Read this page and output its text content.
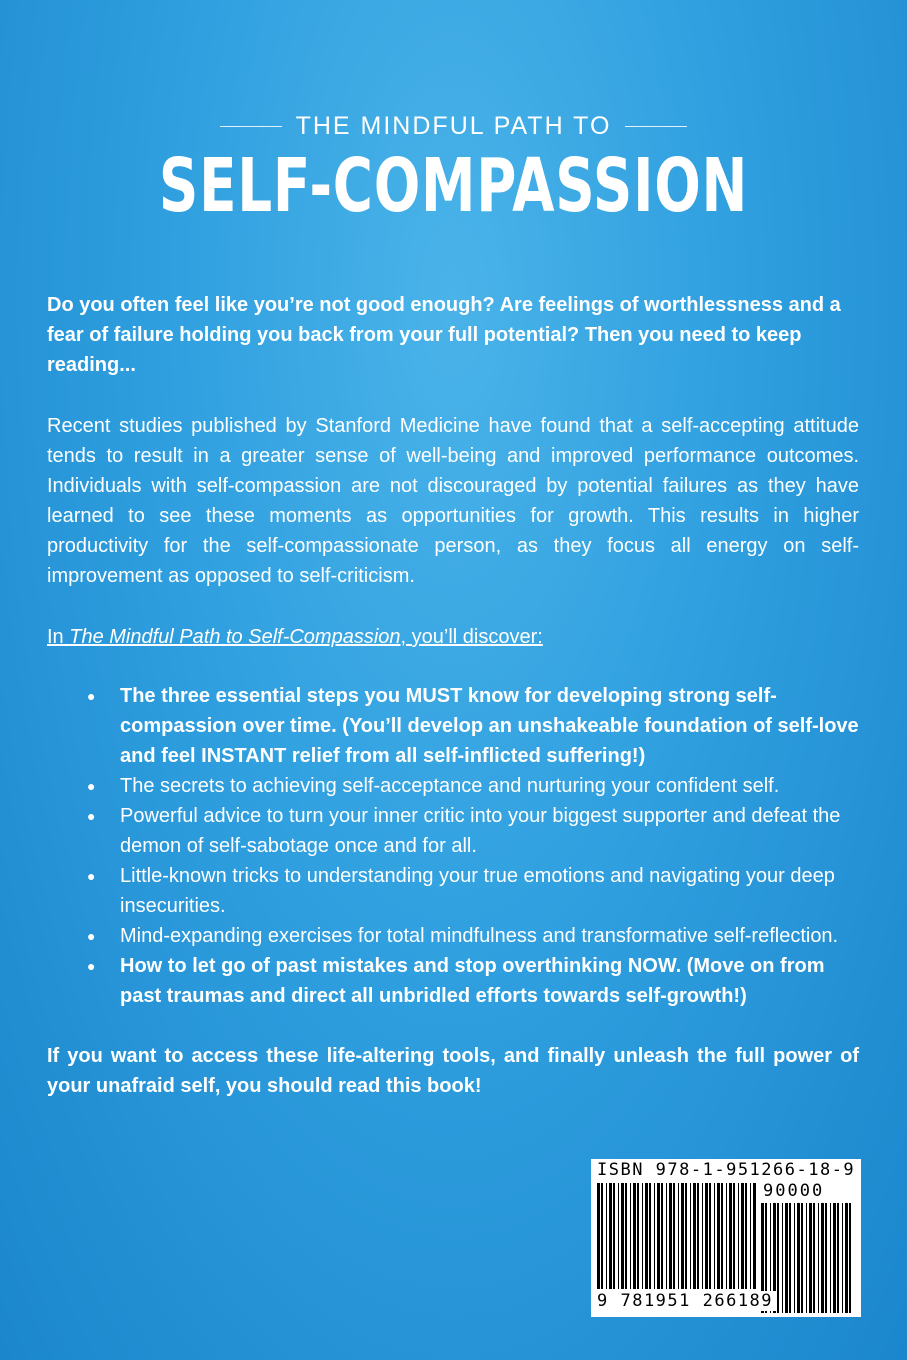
THE MINDFUL PATH TO
SELF-COMPASSION

Do you often feel like you’re not good enough? Are feelings of worthlessness and a fear of failure holding you back from your full potential? Then you need to keep reading...

Recent studies published by Stanford Medicine have found that a self-accepting attitude tends to result in a greater sense of well-being and improved performance outcomes. Individuals with self-compassion are not discouraged by potential failures as they have learned to see these moments as opportunities for growth. This results in higher productivity for the self-compassionate person, as they focus all energy on self-improvement as opposed to self-criticism.

In The Mindful Path to Self-Compassion, you’ll discover:

● The three essential steps you MUST know for developing strong self-compassion over time. (You’ll develop an unshakeable foundation of self-love and feel INSTANT relief from all self-inflicted suffering!)
● The secrets to achieving self-acceptance and nurturing your confident self.
● Powerful advice to turn your inner critic into your biggest supporter and defeat the demon of self-sabotage once and for all.
● Little-known tricks to understanding your true emotions and navigating your deep insecurities.
● Mind-expanding exercises for total mindfulness and transformative self-reflection.
● How to let go of past mistakes and stop overthinking NOW. (Move on from past traumas and direct all unbridled efforts towards self-growth!)

If you want to access these life-altering tools, and finally unleash the full power of your unafraid self, you should read this book!

ISBN 978-1-951266-18-9
90000
9 781951 266189
